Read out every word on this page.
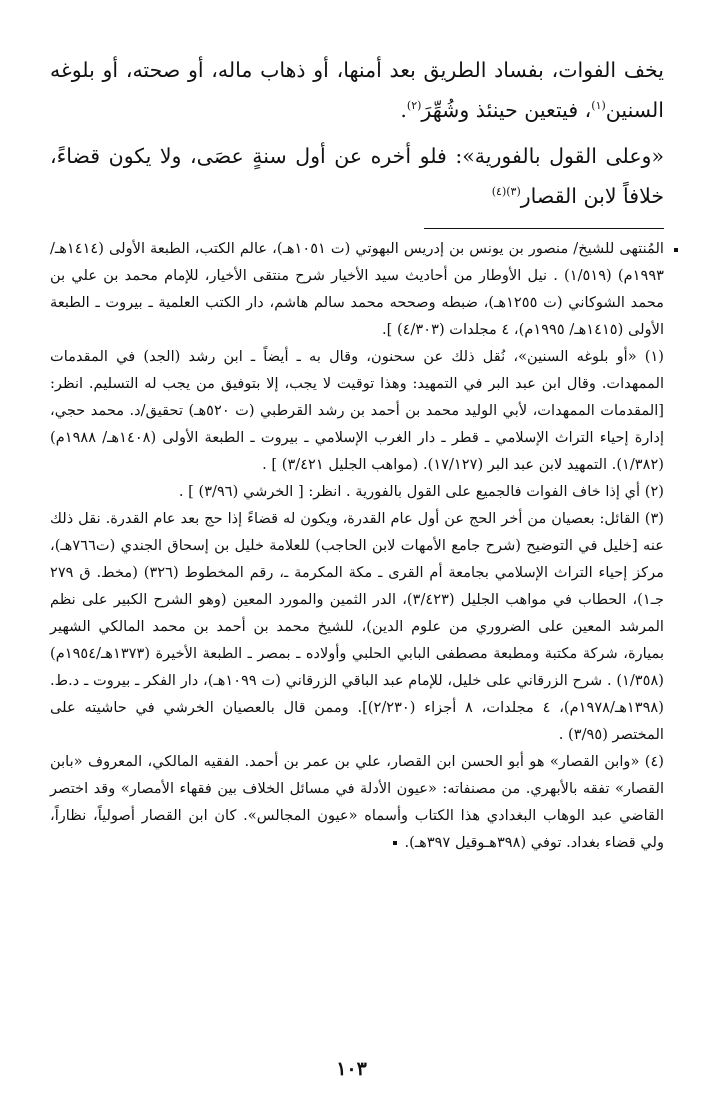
يخف الفوات، بفساد الطريق بعد أمنها، أو ذهاب ماله، أو صحته، أو بلوغه السنين$^{(١)}$، فيتعين حينئذ وشُهِّرَ$^{(٢)}$.

«وعلى القول بالفورية»: فلو أخره عن أول سنةٍ عصَى، ولا يكون قضاءً، خلافاً لابن القصار$^{(٣)(٤)}$

المُنتهى للشيخ/ منصور بن يونس بن إدريس البهوتي (ت ١٠٥١هـ)، عالم الكتب، الطبعة الأولى (١٤١٤هـ/١٩٩٣م) (١/٥١٩) . نيل الأوطار من أحاديث سيد الأخيار شرح منتقى الأخيار، للإمام محمد بن علي بن محمد الشوكاني (ت ١٢٥٥هـ)، ضبطه وصححه محمد سالم هاشم، دار الكتب العلمية ـ بيروت ـ الطبعة الأولى (١٤١٥هـ/ ١٩٩٥م)، ٤ مجلدات (٤/٣٠٣) ].

(١) «أو بلوغه السنين»، نُقل ذلك عن سحنون، وقال به ـ أيضاً ـ ابن رشد (الجد) في المقدمات الممهدات. وقال ابن عبد البر في التمهيد: وهذا توقيت لا يجب، إلا بتوفيق من يجب له التسليم. انظر: [المقدمات الممهدات، لأبي الوليد محمد بن أحمد بن رشد القرطبي (ت ٥٢٠هـ) تحقيق/د. محمد حجي، إدارة إحياء التراث الإسلامي ـ قطر ـ دار الغرب الإسلامي ـ بيروت ـ الطبعة الأولى (١٤٠٨هـ/ ١٩٨٨م) (١/٣٨٢). التمهيد لابن عبد البر (١٧/١٢٧). (مواهب الجليل ٣/٤٢١) ] .

(٢) أي إذا خاف الفوات فالجميع على القول بالفورية . انظر: [ الخرشي (٣/٩٦) ] .

(٣) القائل: بعصيان من أخر الحج عن أول عام القدرة، ويكون له قضاءً إذا حج بعد عام القدرة. نقل ذلك عنه [خليل في التوضيح (شرح جامع الأمهات لابن الحاجب) للعلامة خليل بن إسحاق الجندي (ت٧٦٦هـ)، مركز إحياء التراث الإسلامي بجامعة أم القرى ـ مكة المكرمة ـ، رقم المخطوط (٣٢٦) (مخط. ق ٢٧٩ جـ١)، الحطاب في مواهب الجليل (٣/٤٢٣)، الدر الثمين والمورد المعين (وهو الشرح الكبير على نظم المرشد المعين على الضروري من علوم الدين)، للشيخ محمد بن أحمد بن محمد المالكي الشهير بميارة، شركة مكتبة ومطبعة مصطفى البابي الحلبي وأولاده ـ بمصر ـ الطبعة الأخيرة (١٣٧٣هـ/١٩٥٤م) (١/٣٥٨) . شرح الزرقاني على خليل، للإمام عبد الباقي الزرقاني (ت ١٠٩٩هـ)، دار الفكر ـ بيروت ـ د.ط. (١٣٩٨هـ/١٩٧٨م)، ٤ مجلدات، ٨ أجزاء (٢/٢٣٠)]. وممن قال بالعصيان الخرشي في حاشيته على المختصر (٣/٩٥) .

(٤) «وابن القصار» هو أبو الحسن ابن القصار، علي بن عمر بن أحمد. الفقيه المالكي، المعروف «بابن القصار» تفقه بالأبهري. من مصنفاته: «عيون الأدلة في مسائل الخلاف بين فقهاء الأمصار» وقد اختصر القاضي عبد الوهاب البغدادي هذا الكتاب وأسماه «عيون المجالس». كان ابن القصار أصولياً، نظاراً، ولي قضاء بغداد. توفي (٣٩٨هـوقيل ٣٩٧هـ).

١٠٣
